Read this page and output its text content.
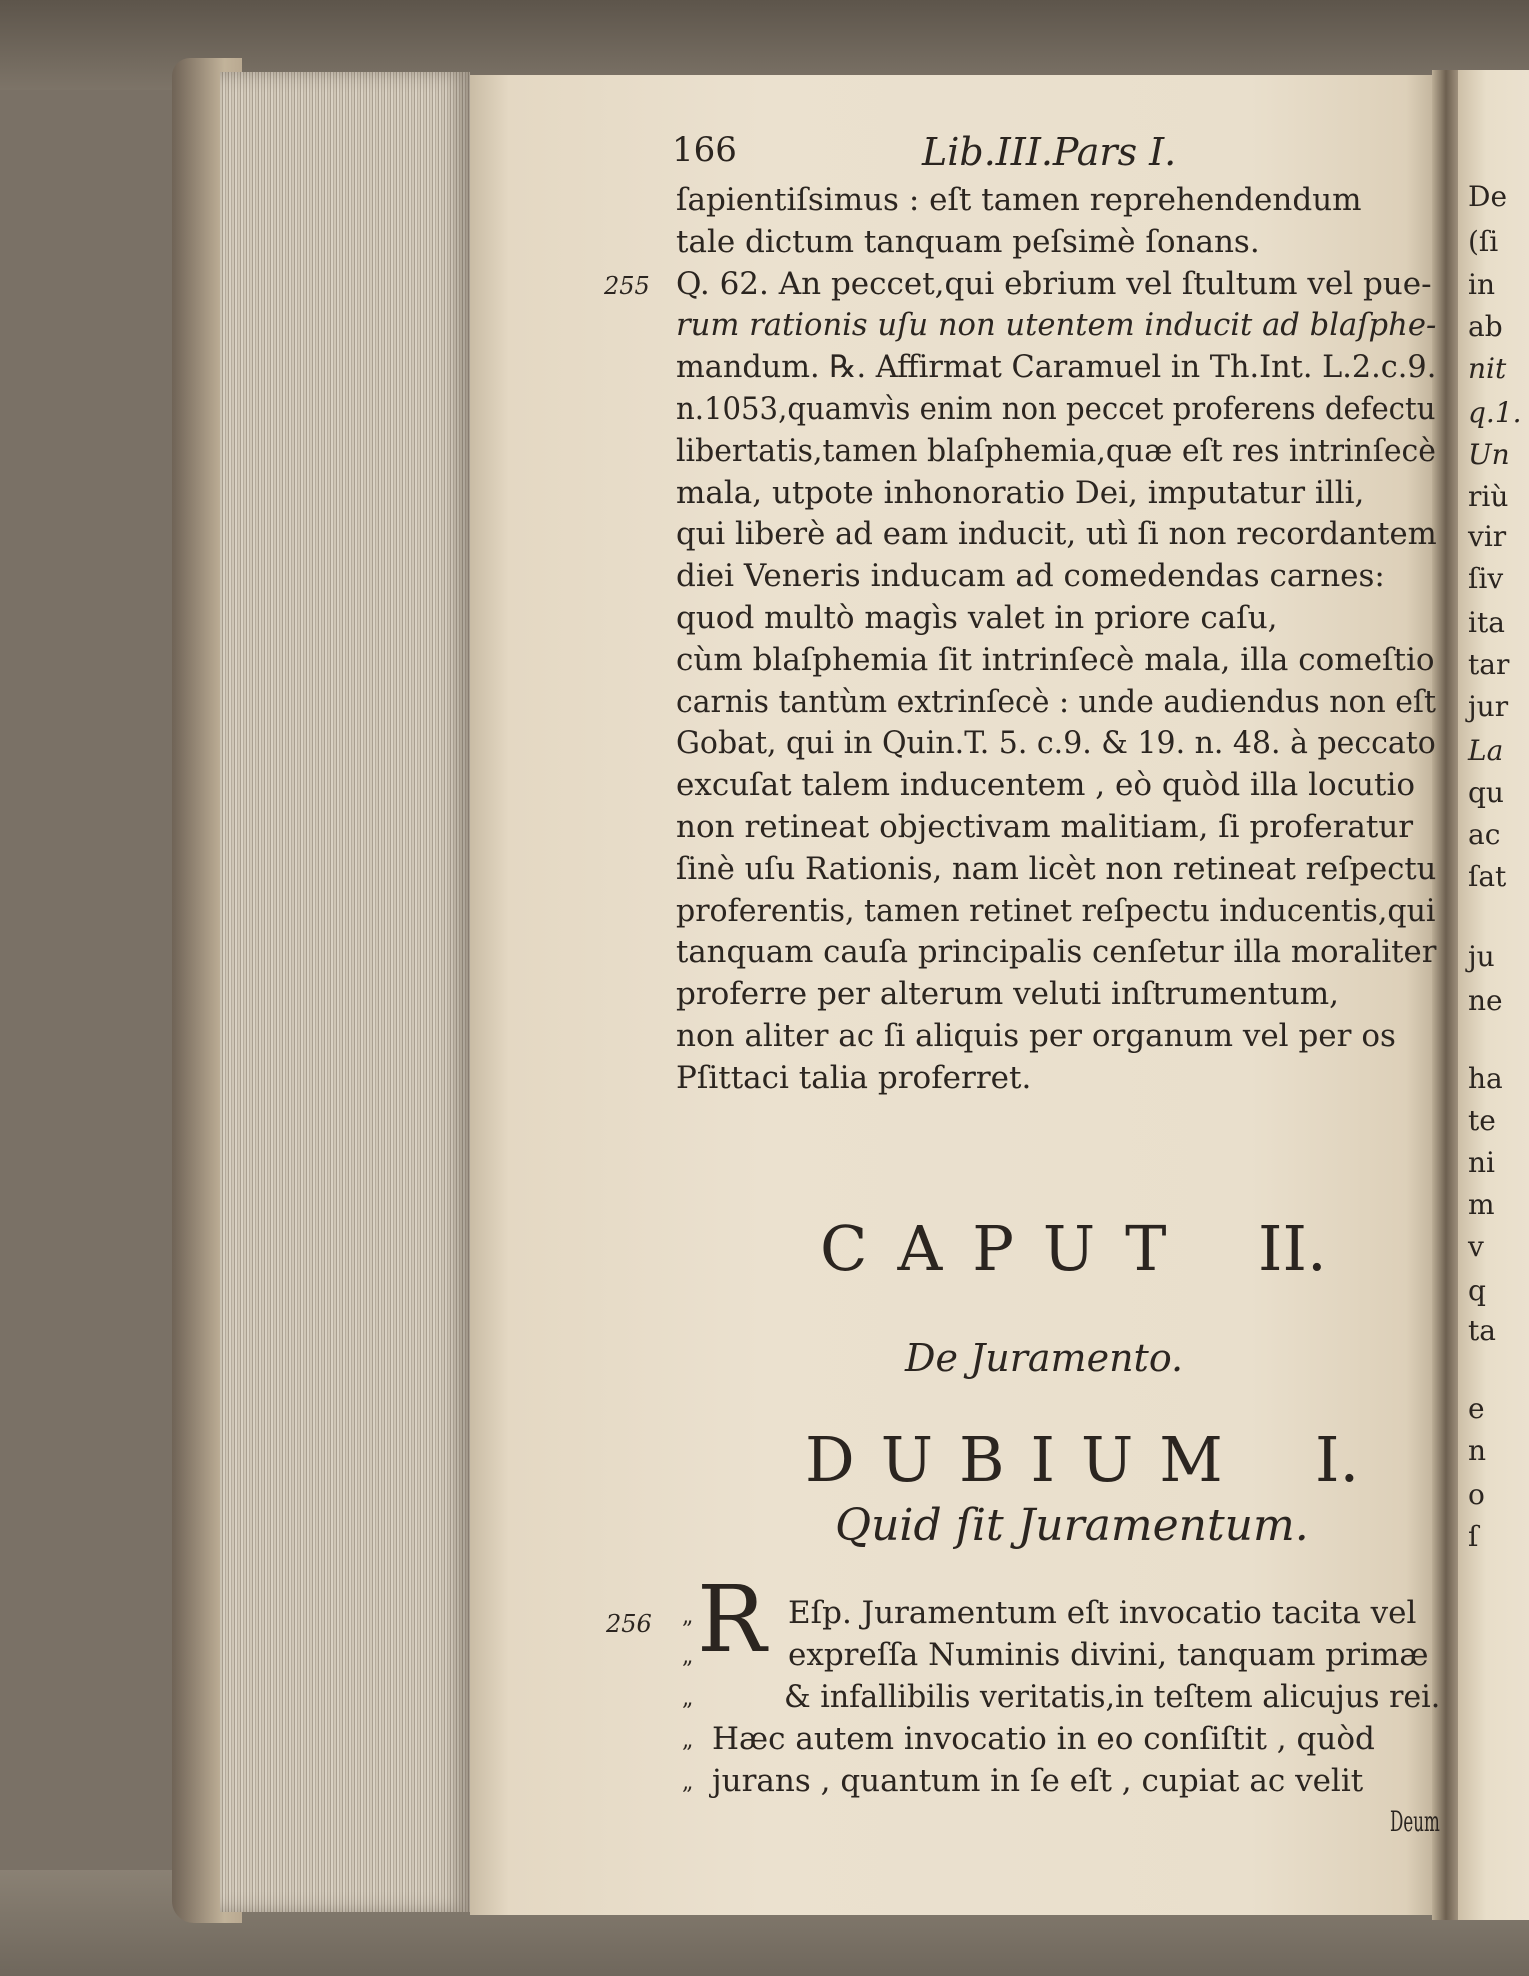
De
(ſi
in
ab
nit
q.1.
Un
riù
vir
ſiv
ita
tar
jur
La
qu
ac
ſat
ju
ne
ha
te
ni
m
v
q
ta
e
n
o
ſ
166	Lib.III.Pars I.
255
256
ſapientiſsimus : eſt tamen reprehendendum
tale dictum tanquam peſsimè ſonans.
Q. 62. An peccet,qui ebrium vel ſtultum vel pue-
rum rationis uſu non utentem inducit ad blaſphe-
mandum. ℞. Affirmat Caramuel in Th.Int. L.2.c.9.
n.1053,quamvìs enim non peccet proferens defectu
libertatis,tamen blaſphemia,quæ eſt res intrinſecè
mala, utpote inhonoratio Dei, imputatur illi,
qui liberè ad eam inducit, utì ſi non recordantem
diei Veneris inducam ad comedendas carnes:
quod multò magìs valet in priore caſu,
cùm blaſphemia ſit intrinſecè mala, illa comeſtio
carnis tantùm extrinſecè : unde audiendus non eſt
Gobat, qui in Quin.T. 5. c.9. & 19. n. 48. à peccato
excuſat talem inducentem , eò quòd illa locutio
non retineat objectivam malitiam, ſi proferatur
ſinè uſu Rationis, nam licèt non retineat reſpectu
proferentis, tamen retinet reſpectu inducentis,qui
tanquam cauſa principalis cenſetur illa moraliter
proferre per alterum veluti inſtrumentum,
non aliter ac ſi aliquis per organum vel per os
Pſittaci talia proferret.
CAPUT II.
De Juramento.
DUBIUM I.
Quid ſit Juramentum.
R
„
„
„
„
„
Eſp. Juramentum eſt invocatio tacita vel
expreſſa Numinis divini, tanquam primæ
& infallibilis veritatis,in teſtem alicujus rei.
Hæc autem invocatio in eo conſiſtit , quòd
jurans , quantum in ſe eſt , cupiat ac velit
Deum
